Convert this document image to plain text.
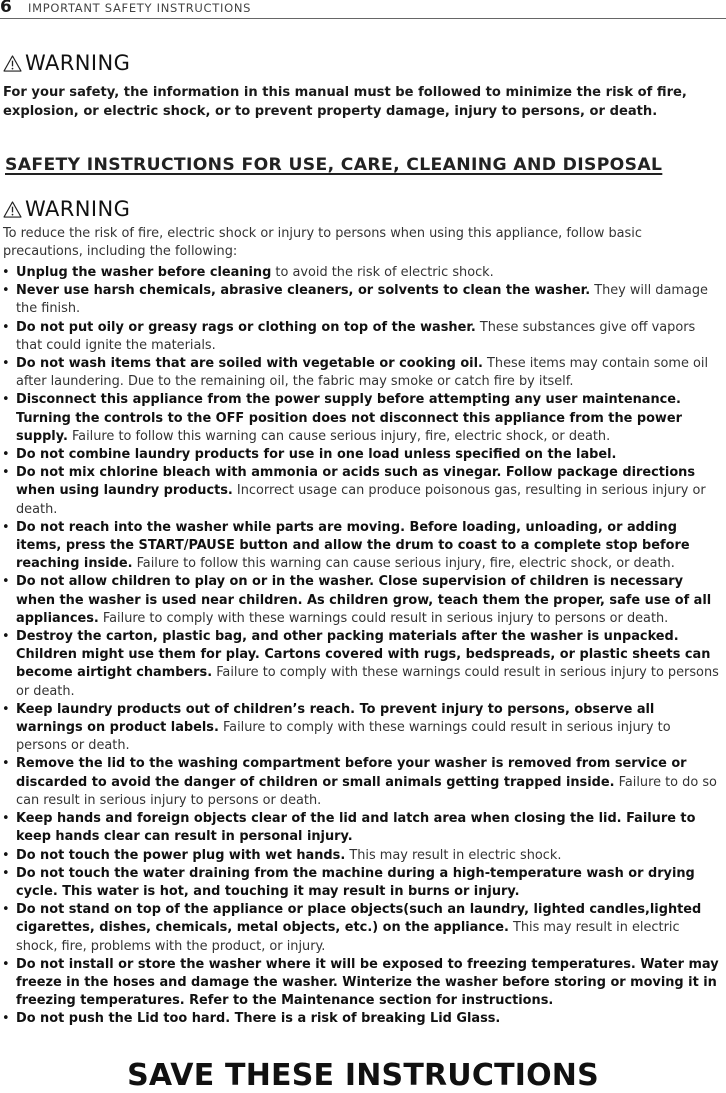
6 IMPORTANT SAFETY INSTRUCTIONS
WARNING
For your safety, the information in this manual must be followed to minimize the risk of fire, explosion, or electric shock, or to prevent property damage, injury to persons, or death.
SAFETY INSTRUCTIONS FOR USE, CARE, CLEANING AND DISPOSAL
WARNING
To reduce the risk of fire, electric shock or injury to persons when using this appliance, follow basic precautions, including the following:
• Unplug the washer before cleaning to avoid the risk of electric shock.
• Never use harsh chemicals, abrasive cleaners, or solvents to clean the washer. They will damage the finish.
• Do not put oily or greasy rags or clothing on top of the washer. These substances give off vapors that could ignite the materials.
• Do not wash items that are soiled with vegetable or cooking oil. These items may contain some oil after laundering. Due to the remaining oil, the fabric may smoke or catch fire by itself.
• Disconnect this appliance from the power supply before attempting any user maintenance. Turning the controls to the OFF position does not disconnect this appliance from the power supply. Failure to follow this warning can cause serious injury, fire, electric shock, or death.
• Do not combine laundry products for use in one load unless specified on the label.
• Do not mix chlorine bleach with ammonia or acids such as vinegar. Follow package directions when using laundry products. Incorrect usage can produce poisonous gas, resulting in serious injury or death.
• Do not reach into the washer while parts are moving. Before loading, unloading, or adding items, press the START/PAUSE button and allow the drum to coast to a complete stop before reaching inside. Failure to follow this warning can cause serious injury, fire, electric shock, or death.
• Do not allow children to play on or in the washer. Close supervision of children is necessary when the washer is used near children. As children grow, teach them the proper, safe use of all appliances. Failure to comply with these warnings could result in serious injury to persons or death.
• Destroy the carton, plastic bag, and other packing materials after the washer is unpacked. Children might use them for play. Cartons covered with rugs, bedspreads, or plastic sheets can become airtight chambers. Failure to comply with these warnings could result in serious injury to persons or death.
• Keep laundry products out of children’s reach. To prevent injury to persons, observe all warnings on product labels. Failure to comply with these warnings could result in serious injury to persons or death.
• Remove the lid to the washing compartment before your washer is removed from service or discarded to avoid the danger of children or small animals getting trapped inside. Failure to do so can result in serious injury to persons or death.
• Keep hands and foreign objects clear of the lid and latch area when closing the lid. Failure to keep hands clear can result in personal injury.
• Do not touch the power plug with wet hands. This may result in electric shock.
• Do not touch the water draining from the machine during a high-temperature wash or drying cycle. This water is hot, and touching it may result in burns or injury.
• Do not stand on top of the appliance or place objects(such an laundry, lighted candles,lighted cigarettes, dishes, chemicals, metal objects, etc.) on the appliance. This may result in electric shock, fire, problems with the product, or injury.
• Do not install or store the washer where it will be exposed to freezing temperatures. Water may freeze in the hoses and damage the washer. Winterize the washer before storing or moving it in freezing temperatures. Refer to the Maintenance section for instructions.
• Do not push the Lid too hard. There is a risk of breaking Lid Glass.
SAVE THESE INSTRUCTIONS
